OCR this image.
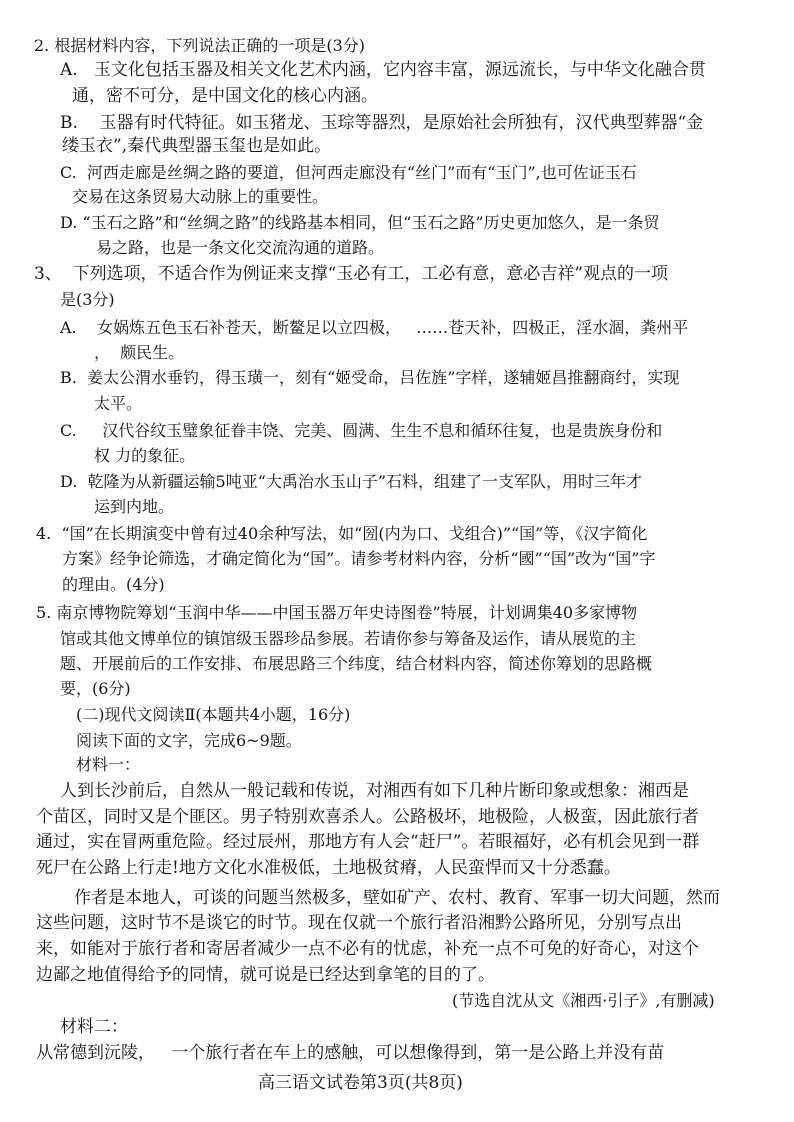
2. 根据材料内容，下列说法正确的一项是(3分)
A.   玉文化包括玉器及相关文化艺术内涵，它内容丰富，源远流长，与中华文化融合贯
通，密不可分，是中国文化的核心内涵。
B.    玉器有时代特征。如玉猪龙、玉琮等器烈，是原始社会所独有，汉代典型葬器“金
缕玉衣”,秦代典型器玉玺也是如此。
C.  河西走廊是丝绸之路的要道，但河西走廊没有“丝门”而有“玉门”,也可佐证玉石
交易在这条贸易大动脉上的重要性。
D. “玉石之路”和“丝绸之路”的线路基本相同，但“玉石之路”历史更加悠久，是一条贸
易之路，也是一条文化交流沟通的道路。
3、  下列选项，不适合作为例证来支撑“玉必有工，工必有意，意必吉祥”观点的一项
是(3分)
A.    女娲炼五色玉石补苍天，断鳌足以立四极，   ……苍天补，四极正，淫水涸，粪州平
，  颇民生。
B.  姜太公渭水垂钓，得玉璜一，刻有“姬受命，吕佐旌”字样，遂辅姬昌推翻商纣，实现
太平。
C.     汉代谷纹玉璧象征眷丰饶、完美、圆满、生生不息和循环往复，也是贵族身份和
权 力的象征。
D.  乾隆为从新疆运输5吨亚“大禹治水玉山子”石料，组建了一支军队，用时三年才
运到内地。
4.  “国”在长期演变中曾有过40余种写法，如“圀(内为口、戈组合)”“国”等，《汉字简化
方案》经争论筛选，才确定简化为“国”。请参考材料内容，分析“國”“国”改为“国”字
的理由。(4分)
5. 南京博物院筹划“玉润中华——中国玉器万年史诗图卷”特展，计划调集40多家博物
馆或其他文博单位的镇馆级玉器珍品参展。若请你参与筹备及运作，请从展览的主
题、开展前后的工作安排、布展思路三个纬度，结合材料内容，简述你筹划的思路概
要，(6分)
(二)现代文阅读Ⅱ(本题共4小题，16分)
阅读下面的文字，完成6~9题。
材料一：
人到长沙前后，自然从一般记载和传说，对湘西有如下几种片断印象或想象：湘西是
个苗区，同时又是个匪区。男子特别欢喜杀人。公路极坏，地极险，人极蛮，因此旅行者
通过，实在冒两重危险。经过辰州，那地方有人会“赶尸”。若眼福好，必有机会见到一群
死尸在公路上行走!地方文化水准极低，土地极贫瘠，人民蛮悍而又十分悉蠢。
作者是本地人，可谈的问题当然极多，壁如矿产、农村、教育、军事一切大问题，然而
这些问题，这时节不是谈它的时节。现在仅就一个旅行者沿湘黔公路所见，分别写点出
来，如能对于旅行者和寄居者减少一点不必有的忧虑，补充一点不可免的好奇心，对这个
边鄙之地值得给予的同情，就可说是已经达到拿笔的目的了。
(节选自沈从文《湘西·引子》,有删减)
材料二：
从常德到沅陵，   一个旅行者在车上的感触，可以想像得到，第一是公路上并没有苗
高三语文试卷第3页(共8页)
